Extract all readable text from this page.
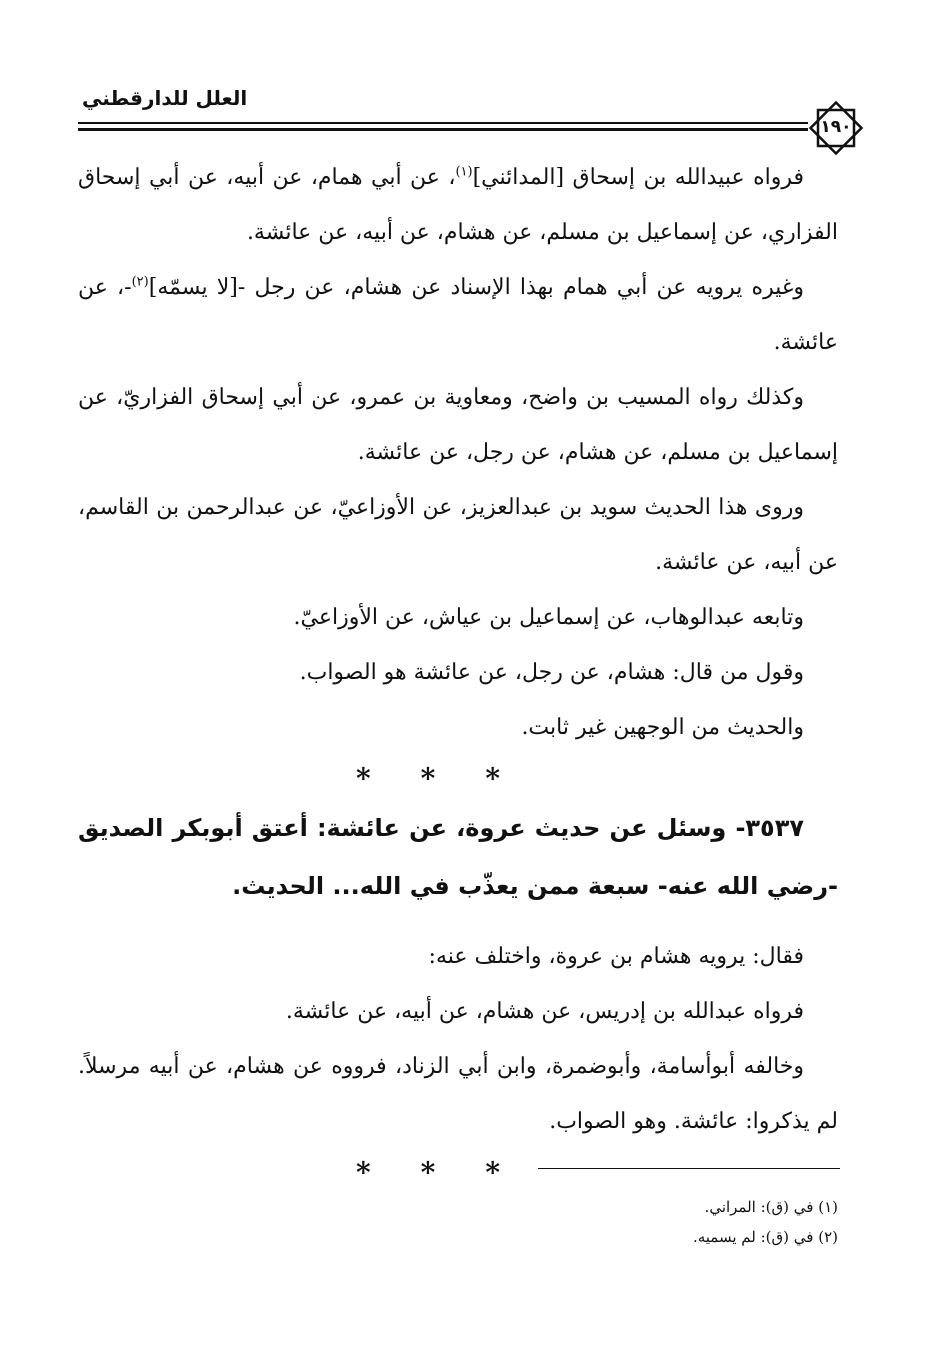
العلل للدارقطني
١٩٠

فرواه عبيدالله بن إسحاق [المدائني]$^{(١)}$، عن أبي همام، عن أبيه، عن أبي إسحاق الفزاري، عن إسماعيل بن مسلم، عن هشام، عن أبيه، عن عائشة.

وغيره يرويه عن أبي همام بهذا الإسناد عن هشام، عن رجل -[لا يسمّه]$^{(٢)}$-، عن عائشة.

وكذلك رواه المسيب بن واضح، ومعاوية بن عمرو، عن أبي إسحاق الفزاريّ، عن إسماعيل بن مسلم، عن هشام، عن رجل، عن عائشة.

وروى هذا الحديث سويد بن عبدالعزيز، عن الأوزاعيّ، عن عبدالرحمن بن القاسم، عن أبيه، عن عائشة.

وتابعه عبدالوهاب، عن إسماعيل بن عياش، عن الأوزاعيّ.

وقول من قال: هشام، عن رجل، عن عائشة هو الصواب.

والحديث من الوجهين غير ثابت.

*
*
*

٣٥٣٧- وسئل عن حديث عروة، عن عائشة: أعتق أبوبكر الصديق -رضي الله عنه- سبعة ممن يعذّب في الله... الحديث.

فقال: يرويه هشام بن عروة، واختلف عنه:

فرواه عبدالله بن إدريس، عن هشام، عن أبيه، عن عائشة.

وخالفه أبوأسامة، وأبوضمرة، وابن أبي الزناد، فرووه عن هشام، عن أبيه مرسلاً. لم يذكروا: عائشة. وهو الصواب.

*
*
*

(١) في (ق): المراني.

(٢) في (ق): لم يسميه.
